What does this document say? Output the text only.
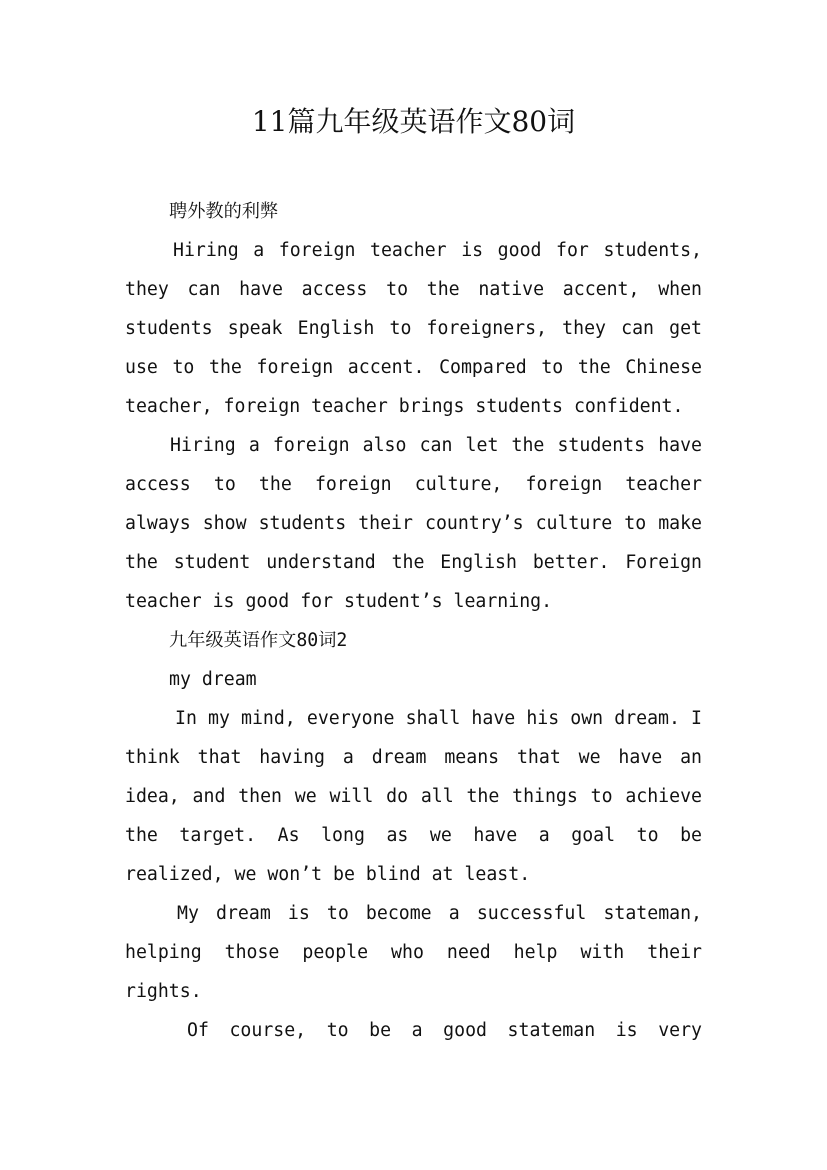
11篇九年级英语作文80词

聘外教的利弊

Hiring a foreign teacher is good for students, they can have access to the native accent, when students speak English to foreigners, they can get use to the foreign accent. Compared to the Chinese teacher, foreign teacher brings students confident.

Hiring a foreign also can let the students have access to the foreign culture, foreign teacher always show students their country’s culture to make the student understand the English better. Foreign teacher is good for student’s learning.

九年级英语作文80词2

my dream

In my mind, everyone shall have his own dream. I think that having a dream means that we have an idea, and then we will do all the things to achieve the target. As long as we have a goal to be realized, we won’t be blind at least.

My dream is to become a successful stateman, helping those people who need help with their rights.

Of course, to be a good stateman is very
